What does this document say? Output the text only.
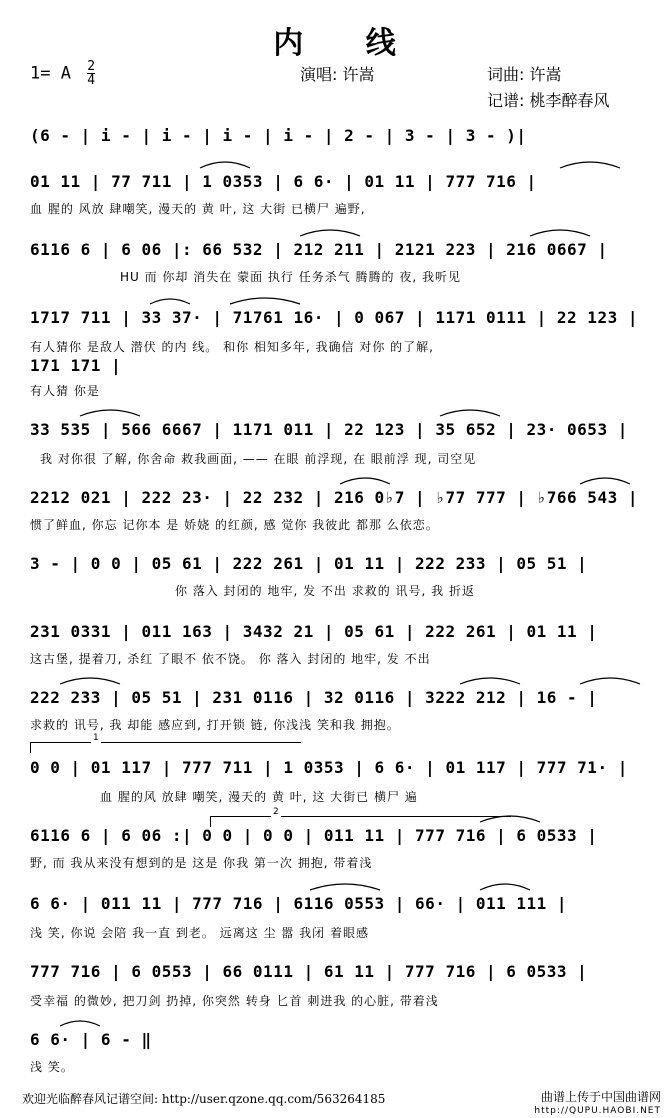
内 线
1= A $\frac{2}{4}$	演唱: 许嵩	词曲: 许嵩
记谱: 桃李醉春风
(6 - | i - | i - | i - | i - | 2 - | 3 - | 3 - )|
01 11 | 77 711 | 1 0353 | 6 6· | 01 11 | 777 716 |
血 腥的 风放 肆嘲笑, 漫天的 黄 叶, 这 大街 已横尸 遍野,
6116 6 | 6 06 |: 66 532 | 212 211 | 2121 223 | 216 0667 |
HU 而 你却 消失在 蒙面 执行 任务杀气 腾腾的 夜, 我听见
1717 711 | 33 37· | 71761 16· | 0 067 | 1171 0111 | 22 123 |
有人猜你 是敌人 潜伏 的内 线。 和你 相知多年, 我确信 对你 的了解,
171 171 |
有人猜 你是
33 535 | 566 6667 | 1171 011 | 22 123 | 35 652 | 23· 0653 |
我 对你很 了解, 你舍命 救我画面, —— 在眼 前浮现, 在 眼前浮 现, 司空见
2212 021 | 222 23· | 22 232 | 216 0♭7 | ♭77 777 | ♭766 543 |
惯了鲜血, 你忘 记你本 是 娇娆 的红颜, 感 觉你 我彼此 都那 么依恋。
3 - | 0 0 | 05 61 | 222 261 | 01 11 | 222 233 | 05 51 |
你 落入 封闭的 地牢, 发 不出 求救的 讯号, 我 折返
231 0331 | 011 163 | 3432 21 | 05 61 | 222 261 | 01 11 |
这古堡, 提着刀, 杀红 了眼不 依不饶。 你 落入 封闭的 地牢, 发 不出
222 233 | 05 51 | 231 0116 | 32 0116 | 3222 212 | 16 - |
求救的 讯号, 我 却能 感应到, 打开锁 链, 你浅浅 笑和我 拥抱。
1
0 0 | 01 117 | 777 711 | 1 0353 | 6 6· | 01 117 | 777 71· |
血 腥的风 放肆 嘲笑, 漫天的 黄 叶, 这 大街已 横尸 遍
2
6116 6 | 6 06 :| 0 0 | 0 0 | 011 11 | 777 716 | 6 0533 |
野, 而 我从来没有想到的是 这是 你我 第一次 拥抱, 带着浅
6 6· | 011 11 | 777 716 | 6116 0553 | 66· | 011 111 |
浅 笑, 你说 会陪 我一直 到老。 远离这 尘 嚣 我闭 着眼感
777 716 | 6 0553 | 66 0111 | 61 11 | 777 716 | 6 0533 |
受幸福 的微妙, 把刀剑 扔掉, 你突然 转身 匕首 刺进我 的心脏, 带着浅
6 6· | 6 - ‖
浅 笑。
欢迎光临醉春风记谱空间: http://user.qzone.qq.com/563264185	曲谱上传于中国曲谱网
http://QUPU.HAOBI.NET
